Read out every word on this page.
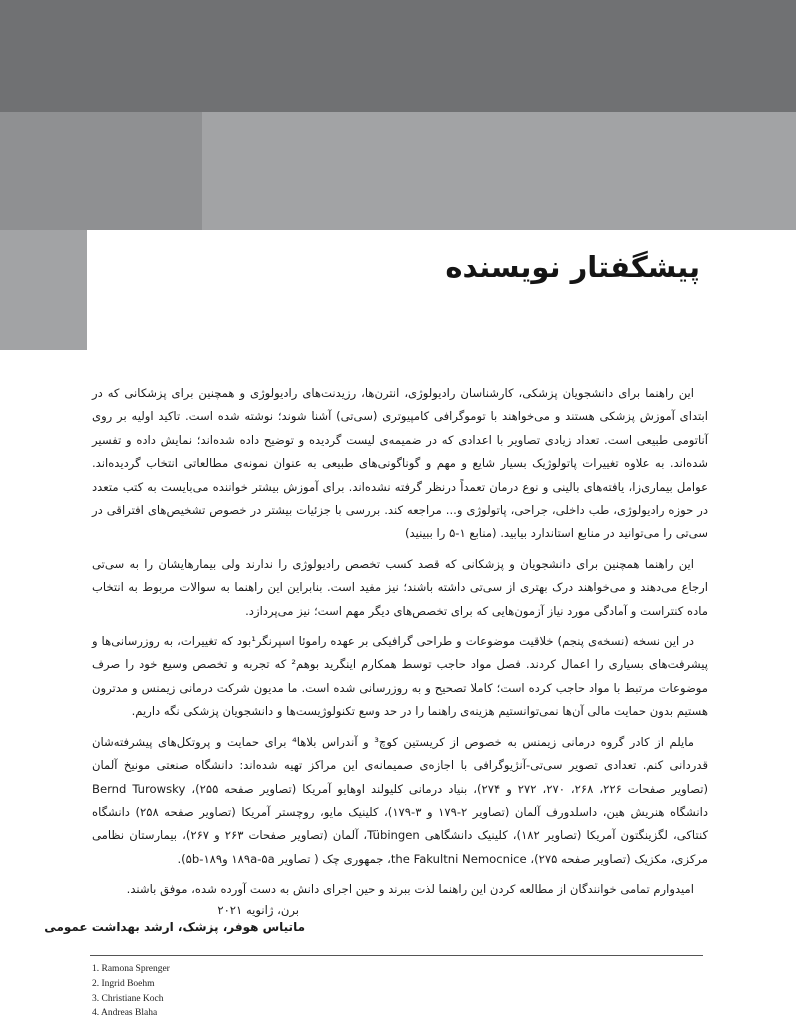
پیشگفتار نویسنده

این راهنما برای دانشجویان پزشکی، کارشناسان رادیولوژی، انترن‌ها، رزیدنت‌های رادیولوژی و همچنین برای پزشکانی که در ابتدای آموزش پزشکی هستند و می‌خواهند با توموگرافی کامپیوتری (سی‌تی) آشنا شوند؛ نوشته شده است. تاکید اولیه بر روی آناتومی طبیعی است. تعداد زیادی تصاویر با اعدادی که در ضمیمه‌ی لیست گردیده و توضیح داده شده‌اند؛ نمایش داده و تفسیر شده‌اند. به علاوه تغییرات پاتولوژیک بسیار شایع و مهم و گوناگونی‌های طبیعی به عنوان نمونه‌ی مطالعاتی انتخاب گردیده‌اند. عوامل بیماری‌زا، یافته‌های بالینی و نوع درمان تعمداً درنظر گرفته نشده‌اند. برای آموزش بیشتر خواننده می‌بایست به کتب متعدد در حوزه رادیولوژی، طب داخلی، جراحی، پاتولوژی و... مراجعه کند. بررسی با جزئیات بیشتر در خصوص تشخیص‌های افتراقی در سی‌تی را می‌توانید در منابع استاندارد بیابید. (منابع ۱-۵ را ببینید)

این راهنما همچنین برای دانشجویان و پزشکانی که قصد کسب تخصص رادیولوژی را ندارند ولی بیمارهایشان را به سی‌تی ارجاع می‌دهند و می‌خواهند درک بهتری از سی‌تی داشته باشند؛ نیز مفید است. بنابراین این راهنما به سوالات مربوط به انتخاب ماده کنتراست و آمادگی مورد نیاز آزمون‌هایی که برای تخصص‌های دیگر مهم است؛ نیز می‌پردازد.

در این نسخه (نسخه‌ی پنجم) خلاقیت موضوعات و طراحی گرافیکی بر عهده راموئا اسپرنگر¹بود که تغییرات، به روزرسانی‌ها و پیشرفت‌های بسیاری را اعمال کردند. فصل مواد حاجب توسط همکارم اینگرید بوهم² که تجربه و تخصص وسیع خود را صرف موضوعات مرتبط با مواد حاجب کرده است؛ کاملا تصحیح و به روزرسانی شده است. ما مدیون شرکت درمانی زیمنس و مدترون هستیم بدون حمایت مالی آن‌ها نمی‌توانستیم هزینه‌ی راهنما را در حد وسع تکنولوژیست‌ها و دانشجویان پزشکی نگه داریم.

مایلم از کادر گروه درمانی زیمنس به خصوص از کریستین کوچ³ و آندراس بلاها⁴ برای حمایت و پروتکل‌های پیشرفته‌شان قدردانی کنم. تعدادی تصویر سی‌تی-آنژیوگرافی با اجازه‌ی صمیمانه‌ی این مراکز تهیه شده‌اند: دانشگاه صنعتی مونیخ آلمان (تصاویر صفحات ۲۲۶، ۲۶۸، ۲۷۰، ۲۷۲ و ۲۷۴)، بنیاد درمانی کلیولند اوهایو آمریکا (تصاویر صفحه ۲۵۵)، Bernd Turowsky دانشگاه هنریش هین، داسلدورف آلمان (تصاویر ۲-۱۷۹ و ۳-۱۷۹)، کلینیک مایو، روچستر آمریکا (تصاویر صفحه ۲۵۸) دانشگاه کنتاکی، لگزینگتون آمریکا (تصاویر ۱۸۲)، کلینیک دانشگاهی Tübingen، آلمان (تصاویر صفحات ۲۶۳ و ۲۶۷)، بیمارستان نظامی مرکزی، مکزیک (تصاویر صفحه ۲۷۵)، the Fakultni Nemocnice، جمهوری چک ( تصاویر ۱۸۹a-۵a و۵b-۱۸۹).

امیدوارم تمامی خوانندگان از مطالعه کردن این راهنما لذت ببرند و حین اجرای دانش به دست آورده شده، موفق باشند.

برن، ژانویه ۲۰۲۱
ماتیاس هوفر، پزشک، ارشد بهداشت عمومی
1. Ramona Sprenger
2. Ingrid Boehm
3. Christiane Koch
4. Andreas Blaha
